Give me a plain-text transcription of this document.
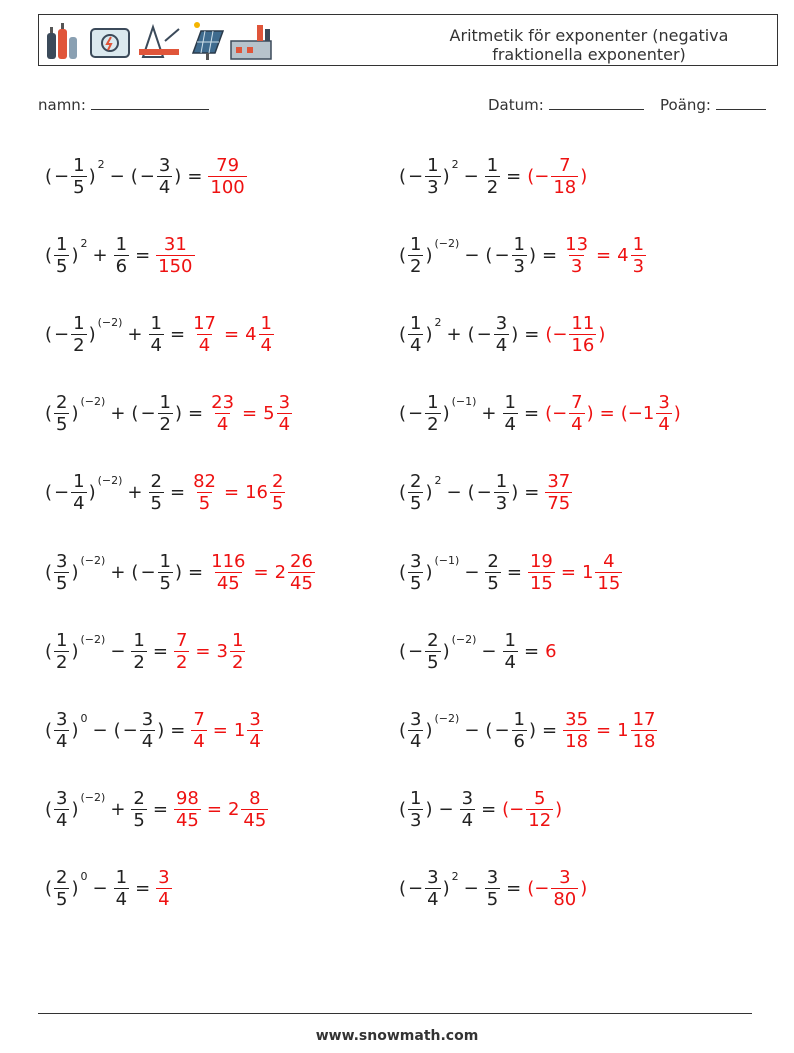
Aritmetik för exponenter (negativa
fraktionella exponenter)
namn:	Datum:	Poäng:
( − $\frac{1}{5}$ )
$^2$
− ( − $\frac{3}{4}$ ) = $\frac{79}{100}$
( $\frac{1}{5}$ )
$^2$
+ $\frac{1}{6} = \frac{31}{150}$
( − $\frac{1}{2}$ )
$^{(-2)}$
+ $\frac{1}{4} = \frac{17}{4} = 4 \frac{1}{4}$
( $\frac{2}{5}$ )
$^{(-2)}$
+ ( − $\frac{1}{2}$ ) = $\frac{23}{4} = 5 \frac{3}{4}$
( − $\frac{1}{4}$ )
$^{(-2)}$
+ $\frac{2}{5} = \frac{82}{5} = 16 \frac{2}{5}$
( $\frac{3}{5}$ )
$^{(-2)}$
+ ( − $\frac{1}{5}$ ) = $\frac{116}{45} = 2 \frac{26}{45}$
( $\frac{1}{2}$ )
$^{(-2)}$
− $\frac{1}{2} = \frac{7}{2} = 3 \frac{1}{2}$
( $\frac{3}{4}$ )
$^0$
− ( − $\frac{3}{4}$ ) = $\frac{7}{4} = 1 \frac{3}{4}$
( $\frac{3}{4}$ )
$^{(-2)}$
+ $\frac{2}{5} = \frac{98}{45} = 2 \frac{8}{45}$
( $\frac{2}{5}$ )
$^0$
− $\frac{1}{4} = \frac{3}{4}$
( − $\frac{1}{3}$ )
$^2$
− $\frac{1}{2}$ = (− $\frac{7}{18}$ )
( $\frac{1}{2}$ )
$^{(-2)}$
− ( − $\frac{1}{3}$ ) = $\frac{13}{3} = 4 \frac{1}{3}$
( $\frac{1}{4}$ )
$^2$
+ ( − $\frac{3}{4}$ ) = (− $\frac{11}{16}$ )
( − $\frac{1}{2}$ )
$^{(-1)}$
+ $\frac{1}{4}$ = (− $\frac{7}{4}$ ) = ($-1 \frac{3}{4}$ )
( $\frac{2}{5}$ )
$^2$
− ( − $\frac{1}{3}$ ) = $\frac{37}{75}$
( $\frac{3}{5}$ )
$^{(-1)}$
− $\frac{2}{5} = \frac{19}{15} = 1 \frac{4}{15}$
( − $\frac{2}{5}$ )
$^{(-2)}$
− $\frac{1}{4} = 6$
( $\frac{3}{4}$ )
$^{(-2)}$
− ( − $\frac{1}{6}$ ) = $\frac{35}{18} = 1 \frac{17}{18}$
( $\frac{1}{3}$ ) − $\frac{3}{4}$ = (− $\frac{5}{12}$ )
( − $\frac{3}{4}$ )
$^2$
− $\frac{3}{5}$ = (− $\frac{3}{80}$ )
www.snowmath.com
